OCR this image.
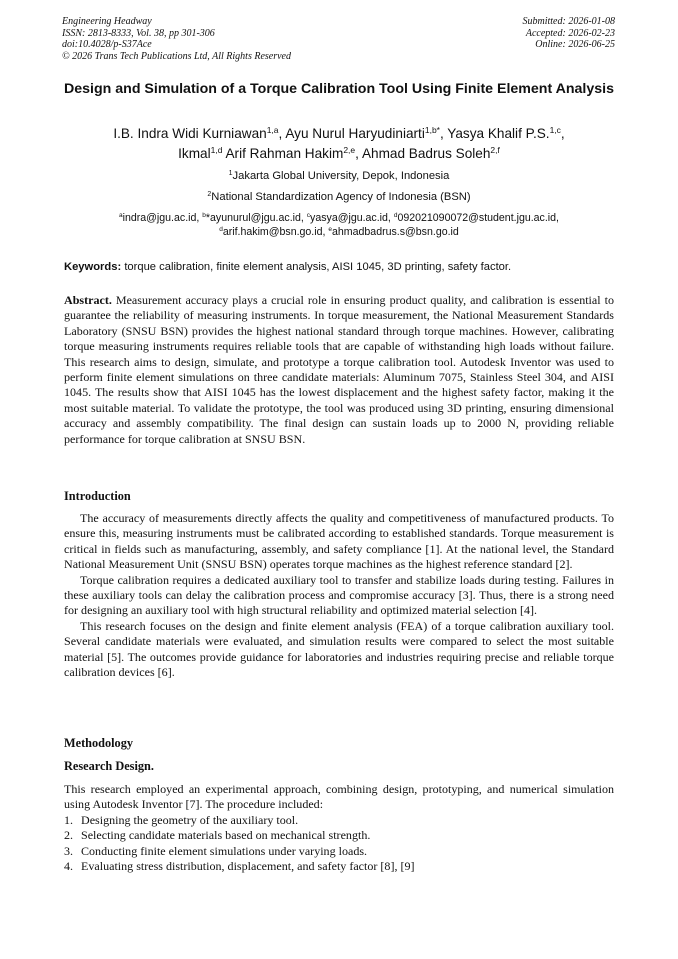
Engineering Headway
ISSN: 2813-8333, Vol. 38, pp 301-306
doi:10.4028/p-S37Ace
© 2026 Trans Tech Publications Ltd, All Rights Reserved
Submitted: 2026-01-08
Accepted: 2026-02-23
Online: 2026-06-25
Design and Simulation of a Torque Calibration Tool Using Finite Element Analysis
I.B. Indra Widi Kurniawan$^{1,a}$, Ayu Nurul Haryudiniarti$^{1,b*}$, Yasya Khalif P.S.$^{1,c}$,
Ikmal$^{1,d}$ Arif Rahman Hakim$^{2,e}$, Ahmad Badrus Soleh$^{2,f}$
$^1$Jakarta Global University, Depok, Indonesia
$^2$National Standardization Agency of Indonesia (BSN)
$^a$indra@jgu.ac.id, $^b$*ayunurul@jgu.ac.id, $^c$yasya@jgu.ac.id, $^d$092021090072@student.jgu.ac.id,
$^d$arif.hakim@bsn.go.id, $^e$ahmadbadrus.s@bsn.go.id
Keywords: torque calibration, finite element analysis, AISI 1045, 3D printing, safety factor.

Abstract. Measurement accuracy plays a crucial role in ensuring product quality, and calibration is essential to guarantee the reliability of measuring instruments. In torque measurement, the National Measurement Standards Laboratory (SNSU BSN) provides the highest national standard through torque machines. However, calibrating torque measuring instruments requires reliable tools that are capable of withstanding high loads without failure. This research aims to design, simulate, and prototype a torque calibration tool. Autodesk Inventor was used to perform finite element simulations on three candidate materials: Aluminum 7075, Stainless Steel 304, and AISI 1045. The results show that AISI 1045 has the lowest displacement and the highest safety factor, making it the most suitable material. To validate the prototype, the tool was produced using 3D printing, ensuring dimensional accuracy and assembly compatibility. The final design can sustain loads up to 2000 N, providing reliable performance for torque calibration at SNSU BSN.

Introduction

The accuracy of measurements directly affects the quality and competitiveness of manufactured products. To ensure this, measuring instruments must be calibrated according to established standards. Torque measurement is critical in fields such as manufacturing, assembly, and safety compliance [1]. At the national level, the Standard National Measurement Unit (SNSU BSN) operates torque machines as the highest reference standard [2].

Torque calibration requires a dedicated auxiliary tool to transfer and stabilize loads during testing. Failures in these auxiliary tools can delay the calibration process and compromise accuracy [3]. Thus, there is a strong need for designing an auxiliary tool with high structural reliability and optimized material selection [4].

This research focuses on the design and finite element analysis (FEA) of a torque calibration auxiliary tool. Several candidate materials were evaluated, and simulation results were compared to select the most suitable material [5]. The outcomes provide guidance for laboratories and industries requiring precise and reliable torque calibration devices [6].

Methodology
Research Design.

This research employed an experimental approach, combining design, prototyping, and numerical simulation using Autodesk Inventor [7]. The procedure included:

1. Designing the geometry of the auxiliary tool.
2. Selecting candidate materials based on mechanical strength.
3. Conducting finite element simulations under varying loads.
4. Evaluating stress distribution, displacement, and safety factor [8], [9]
